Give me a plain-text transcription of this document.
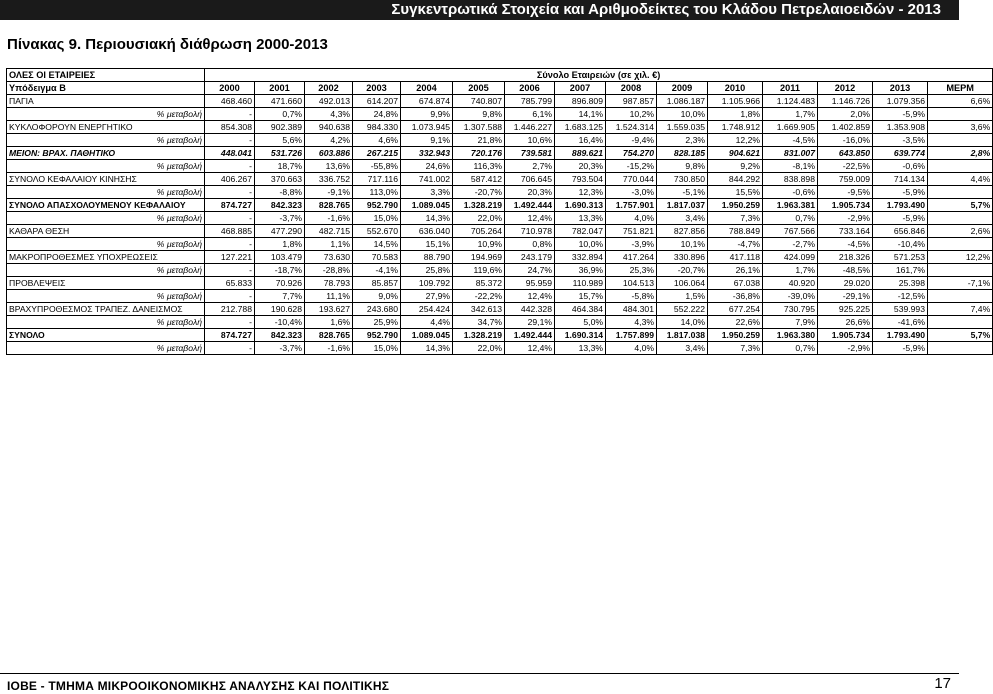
Συγκεντρωτικά Στοιχεία και Αριθμοδείκτες του Κλάδου Πετρελαιοειδών - 2013
Πίνακας 9. Περιουσιακή διάθρωση 2000-2013
ΟΛΕΣ ΟΙ ΕΤΑΙΡΕΙΕΣ	Σύνολο Εταιρειών (σε χιλ. €)														
Υπόδειγμα Β	2000	2001	2002	2003	2004	2005	2006	2007	2008	2009	2010	2011	2012	2013	ΜΕΡΜ
ΠΑΓΙΑ	468.460	471.660	492.013	614.207	674.874	740.807	785.799	896.809	987.857	1.086.187	1.105.966	1.124.483	1.146.726	1.079.356	6,6%
% μεταβολή	-	0,7%	4,3%	24,8%	9,9%	9,8%	6,1%	14,1%	10,2%	10,0%	1,8%	1,7%	2,0%	-5,9%	
ΚΥΚΛΟΦΟΡΟΥΝ ΕΝΕΡΓΗΤΙΚΟ	854.308	902.389	940.638	984.330	1.073.945	1.307.588	1.446.227	1.683.125	1.524.314	1.559.035	1.748.912	1.669.905	1.402.859	1.353.908	3,6%
% μεταβολή	-	5,6%	4,2%	4,6%	9,1%	21,8%	10,6%	16,4%	-9,4%	2,3%	12,2%	-4,5%	-16,0%	-3,5%	
ΜΕΙΟΝ: ΒΡΑΧ. ΠΑΘΗΤΙΚΟ	448.041	531.726	603.886	267.215	332.943	720.176	739.581	889.621	754.270	828.185	904.621	831.007	643.850	639.774	2,8%
% μεταβολή	-	18,7%	13,6%	-55,8%	24,6%	116,3%	2,7%	20,3%	-15,2%	9,8%	9,2%	-8,1%	-22,5%	-0,6%	
ΣΥΝΟΛΟ ΚΕΦΑΛΑΙΟΥ ΚΙΝΗΣΗΣ	406.267	370.663	336.752	717.116	741.002	587.412	706.645	793.504	770.044	730.850	844.292	838.898	759.009	714.134	4,4%
% μεταβολή	-	-8,8%	-9,1%	113,0%	3,3%	-20,7%	20,3%	12,3%	-3,0%	-5,1%	15,5%	-0,6%	-9,5%	-5,9%	
ΣΥΝΟΛΟ ΑΠΑΣΧΟΛΟΥΜΕΝΟΥ ΚΕΦΑΛΑΙΟΥ	874.727	842.323	828.765	952.790	1.089.045	1.328.219	1.492.444	1.690.313	1.757.901	1.817.037	1.950.259	1.963.381	1.905.734	1.793.490	5,7%
% μεταβολή	-	-3,7%	-1,6%	15,0%	14,3%	22,0%	12,4%	13,3%	4,0%	3,4%	7,3%	0,7%	-2,9%	-5,9%	
ΚΑΘΑΡΑ ΘΕΣΗ	468.885	477.290	482.715	552.670	636.040	705.264	710.978	782.047	751.821	827.856	788.849	767.566	733.164	656.846	2,6%
% μεταβολή	-	1,8%	1,1%	14,5%	15,1%	10,9%	0,8%	10,0%	-3,9%	10,1%	-4,7%	-2,7%	-4,5%	-10,4%	
ΜΑΚΡΟΠΡΟΘΕΣΜΕΣ ΥΠΟΧΡΕΩΣΕΙΣ	127.221	103.479	73.630	70.583	88.790	194.969	243.179	332.894	417.264	330.896	417.118	424.099	218.326	571.253	12,2%
% μεταβολή	-	-18,7%	-28,8%	-4,1%	25,8%	119,6%	24,7%	36,9%	25,3%	-20,7%	26,1%	1,7%	-48,5%	161,7%	
ΠΡΟΒΛΕΨΕΙΣ	65.833	70.926	78.793	85.857	109.792	85.372	95.959	110.989	104.513	106.064	67.038	40.920	29.020	25.398	-7,1%
% μεταβολή	-	7,7%	11,1%	9,0%	27,9%	-22,2%	12,4%	15,7%	-5,8%	1,5%	-36,8%	-39,0%	-29,1%	-12,5%	
ΒΡΑΧΥΠΡΟΘΕΣΜΟΣ ΤΡΑΠΕΖ. ΔΑΝΕΙΣΜΟΣ	212.788	190.628	193.627	243.680	254.424	342.613	442.328	464.384	484.301	552.222	677.254	730.795	925.225	539.993	7,4%
% μεταβολή	-	-10,4%	1,6%	25,9%	4,4%	34,7%	29,1%	5,0%	4,3%	14,0%	22,6%	7,9%	26,6%	-41,6%	
ΣΥΝΟΛΟ	874.727	842.323	828.765	952.790	1.089.045	1.328.219	1.492.444	1.690.314	1.757.899	1.817.038	1.950.259	1.963.380	1.905.734	1.793.490	5,7%
% μεταβολή	-	-3,7%	-1,6%	15,0%	14,3%	22,0%	12,4%	13,3%	4,0%	3,4%	7,3%	0,7%	-2,9%	-5,9%	
ΙΟΒΕ - ΤΜΗΜΑ ΜΙΚΡΟΟΙΚΟΝΟΜΙΚΗΣ ΑΝΑΛΥΣΗΣ ΚΑΙ ΠΟΛΙΤΙΚΗΣ	17
